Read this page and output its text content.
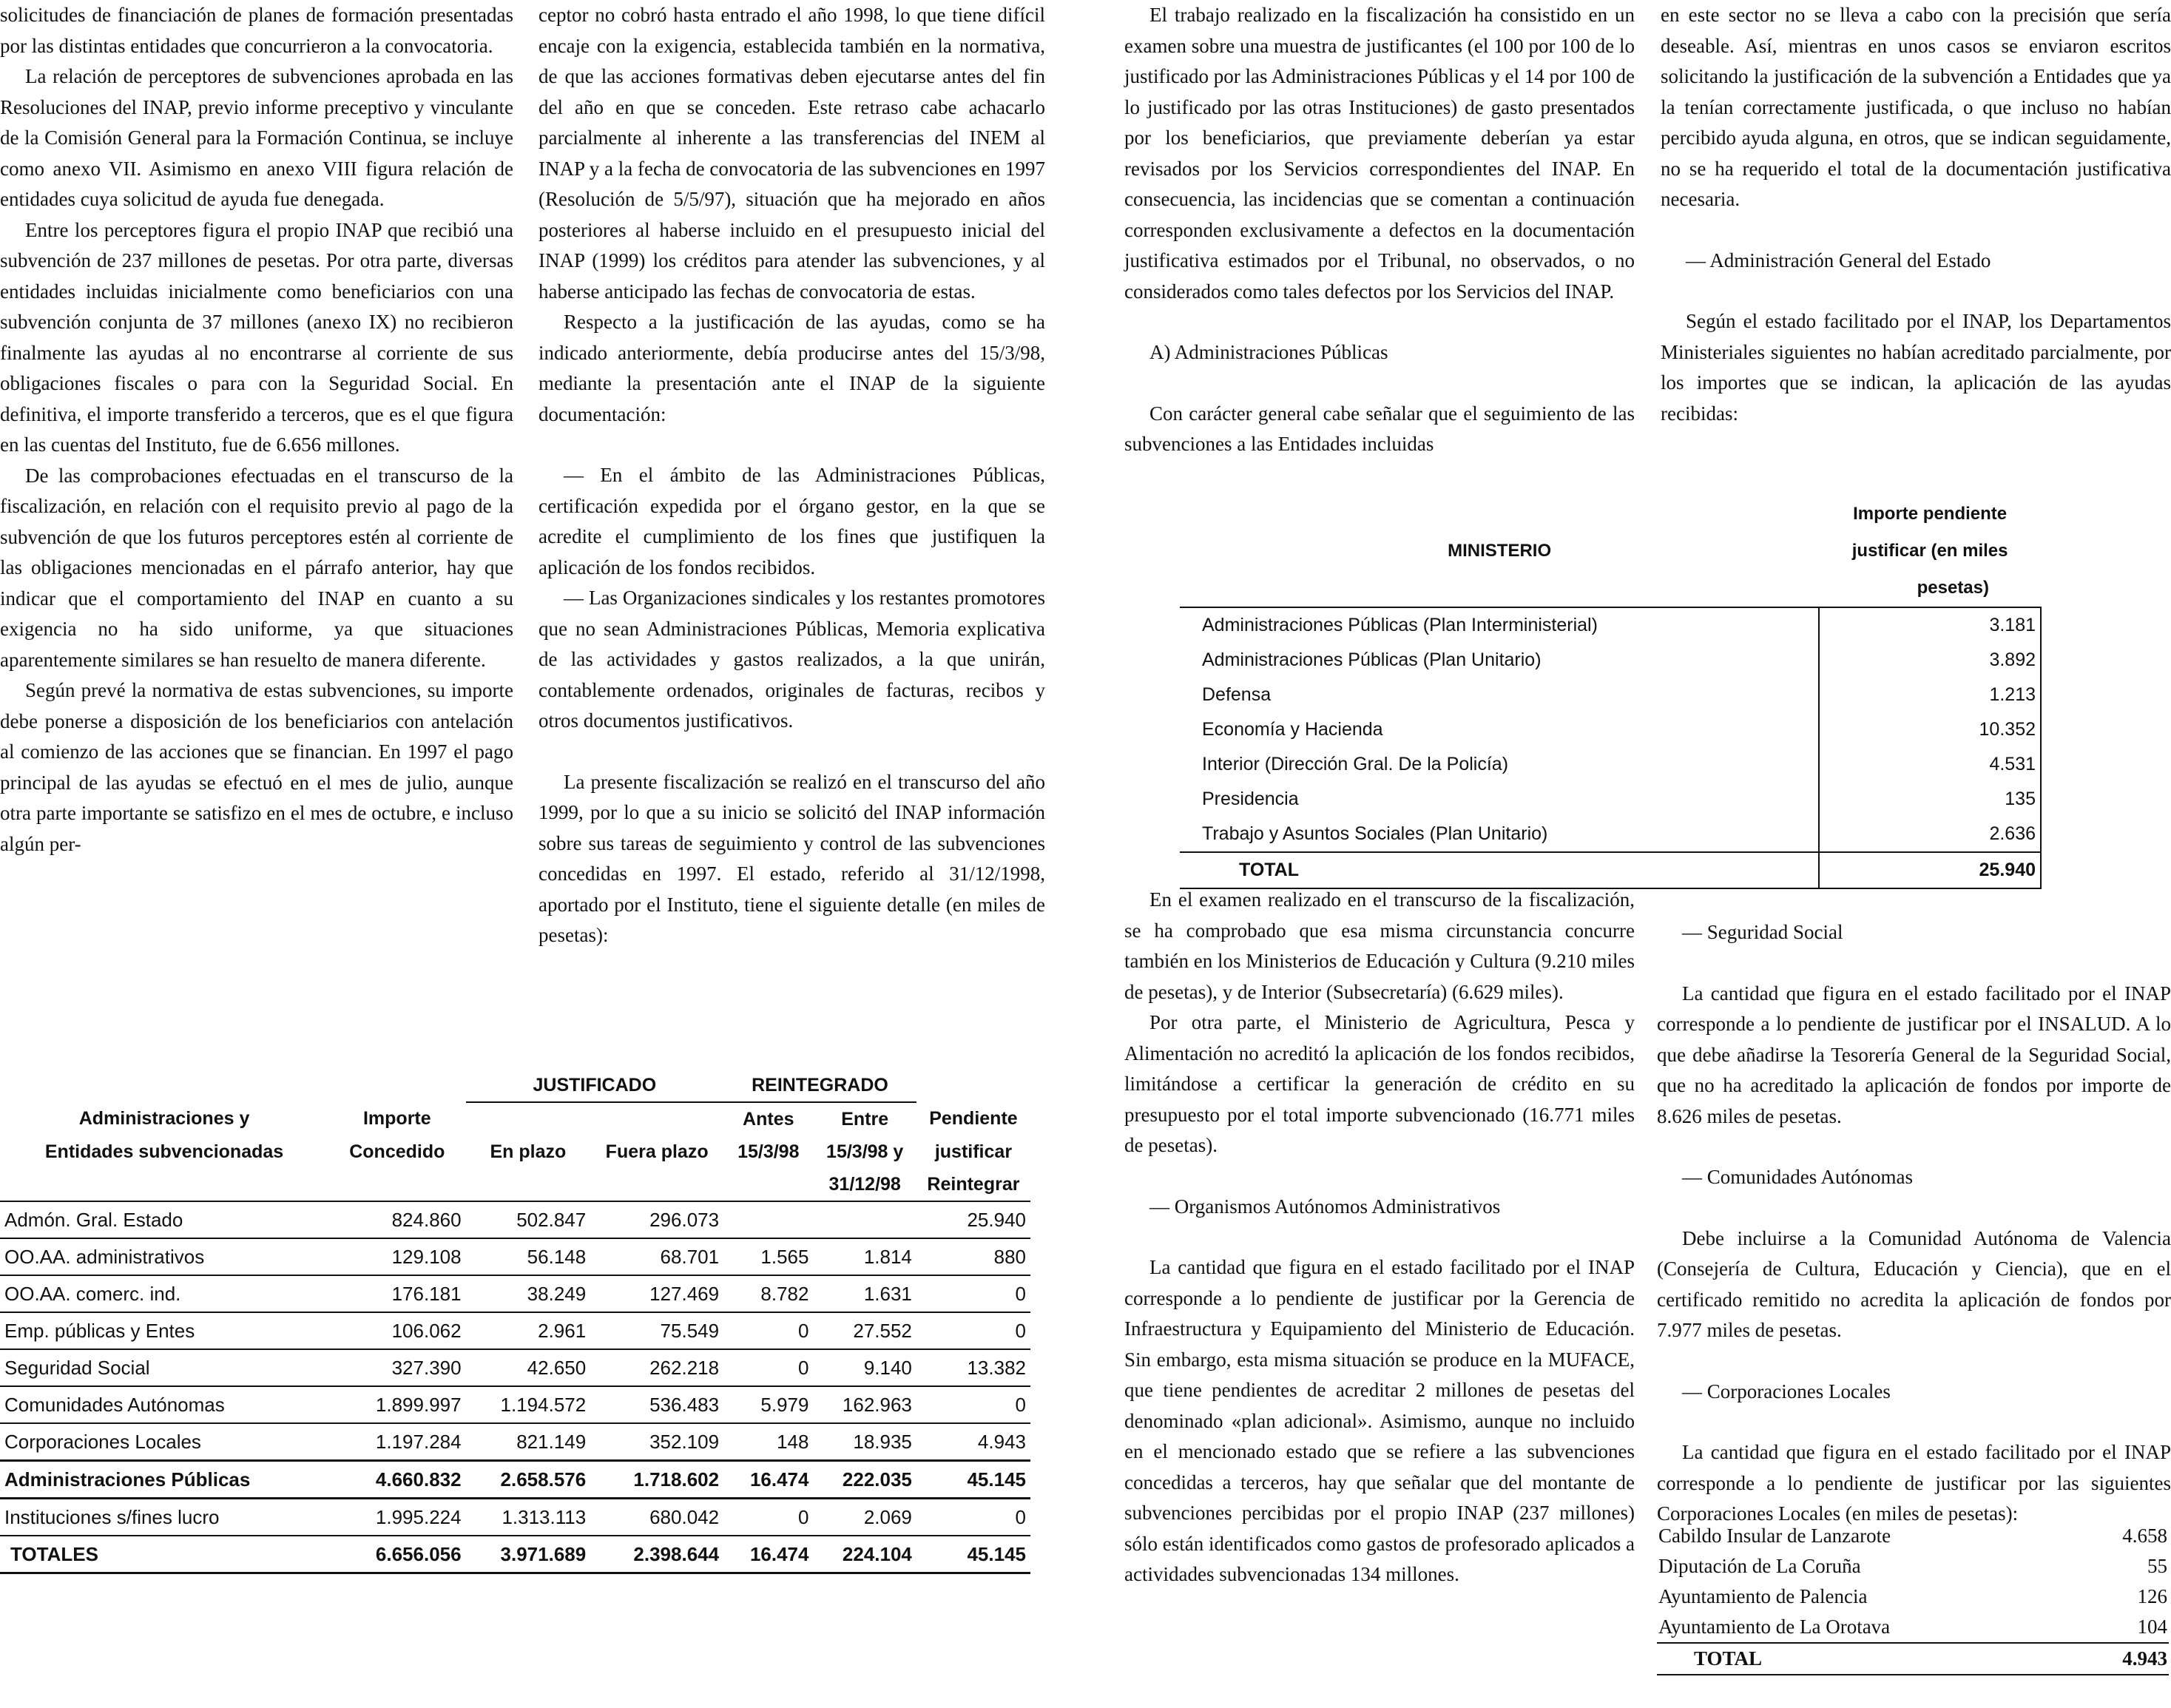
solicitudes de financiación de planes de formación presentadas por las distintas entidades que concurrieron a la convocatoria.

La relación de perceptores de subvenciones aprobada en las Resoluciones del INAP, previo informe preceptivo y vinculante de la Comisión General para la Formación Continua, se incluye como anexo VII. Asimismo en anexo VIII figura relación de entidades cuya solicitud de ayuda fue denegada.

Entre los perceptores figura el propio INAP que recibió una subvención de 237 millones de pesetas. Por otra parte, diversas entidades incluidas inicialmente como beneficiarios con una subvención conjunta de 37 millones (anexo IX) no recibieron finalmente las ayudas al no encontrarse al corriente de sus obligaciones fiscales o para con la Seguridad Social. En definitiva, el importe transferido a terceros, que es el que figura en las cuentas del Instituto, fue de 6.656 millones.

De las comprobaciones efectuadas en el transcurso de la fiscalización, en relación con el requisito previo al pago de la subvención de que los futuros perceptores estén al corriente de las obligaciones mencionadas en el párrafo anterior, hay que indicar que el comportamiento del INAP en cuanto a su exigencia no ha sido uniforme, ya que situaciones aparentemente similares se han resuelto de manera diferente.

Según prevé la normativa de estas subvenciones, su importe debe ponerse a disposición de los beneficiarios con antelación al comienzo de las acciones que se financian. En 1997 el pago principal de las ayudas se efectuó en el mes de julio, aunque otra parte importante se satisfizo en el mes de octubre, e incluso algún per-

ceptor no cobró hasta entrado el año 1998, lo que tiene difícil encaje con la exigencia, establecida también en la normativa, de que las acciones formativas deben ejecutarse antes del fin del año en que se conceden. Este retraso cabe achacarlo parcialmente al inherente a las transferencias del INEM al INAP y a la fecha de convocatoria de las subvenciones en 1997 (Resolución de 5/5/97), situación que ha mejorado en años posteriores al haberse incluido en el presupuesto inicial del INAP (1999) los créditos para atender las subvenciones, y al haberse anticipado las fechas de convocatoria de estas.

Respecto a la justificación de las ayudas, como se ha indicado anteriormente, debía producirse antes del 15/3/98, mediante la presentación ante el INAP de la siguiente documentación:

— En el ámbito de las Administraciones Públicas, certificación expedida por el órgano gestor, en la que se acredite el cumplimiento de los fines que justifiquen la aplicación de los fondos recibidos.

— Las Organizaciones sindicales y los restantes promotores que no sean Administraciones Públicas, Memoria explicativa de las actividades y gastos realizados, a la que unirán, contablemente ordenados, originales de facturas, recibos y otros documentos justificativos.

La presente fiscalización se realizó en el transcurso del año 1999, por lo que a su inicio se solicitó del INAP información sobre sus tareas de seguimiento y control de las subvenciones concedidas en 1997. El estado, referido al 31/12/1998, aportado por el Instituto, tiene el siguiente detalle (en miles de pesetas):

		JUSTIFICADO		REINTEGRADO		
Administraciones y	Importe			Antes	Entre	Pendiente
Entidades subvencionadas	Concedido	En plazo	Fuera plazo	15/3/98	15/3/98 y	justificar
					31/12/98	Reintegrar
Admón. Gral. Estado	824.860	502.847	296.073			25.940
OO.AA. administrativos	129.108	56.148	68.701	1.565	1.814	880
OO.AA. comerc. ind.	176.181	38.249	127.469	8.782	1.631	0
Emp. públicas y Entes	106.062	2.961	75.549	0	27.552	0
Seguridad Social	327.390	42.650	262.218	0	9.140	13.382
Comunidades Autónomas	1.899.997	1.194.572	536.483	5.979	162.963	0
Corporaciones Locales	1.197.284	821.149	352.109	148	18.935	4.943
Administraciones Públicas	4.660.832	2.658.576	1.718.602	16.474	222.035	45.145
Instituciones s/fines lucro	1.995.224	1.313.113	680.042	0	2.069	0
TOTALES	6.656.056	3.971.689	2.398.644	16.474	224.104	45.145

El trabajo realizado en la fiscalización ha consistido en un examen sobre una muestra de justificantes (el 100 por 100 de lo justificado por las Administraciones Públicas y el 14 por 100 de lo justificado por las otras Instituciones) de gasto presentados por los beneficiarios, que previamente deberían ya estar revisados por los Servicios correspondientes del INAP. En consecuencia, las incidencias que se comentan a continuación corresponden exclusivamente a defectos en la documentación justificativa estimados por el Tribunal, no observados, o no considerados como tales defectos por los Servicios del INAP.

A) Administraciones Públicas

Con carácter general cabe señalar que el seguimiento de las subvenciones a las Entidades incluidas

en este sector no se lleva a cabo con la precisión que sería deseable. Así, mientras en unos casos se enviaron escritos solicitando la justificación de la subvención a Entidades que ya la tenían correctamente justificada, o que incluso no habían percibido ayuda alguna, en otros, que se indican seguidamente, no se ha requerido el total de la documentación justificativa necesaria.

— Administración General del Estado

Según el estado facilitado por el INAP, los Departamentos Ministeriales siguientes no habían acreditado parcialmente, por los importes que se indican, la aplicación de las ayudas recibidas:

	Importe pendiente
MINISTERIO	justificar (en miles
	pesetas)
Administraciones Públicas (Plan Interministerial)	3.181
Administraciones Públicas (Plan Unitario)	3.892
Defensa	1.213
Economía y Hacienda	10.352
Interior (Dirección Gral. De la Policía)	4.531
Presidencia	135
Trabajo y Asuntos Sociales (Plan Unitario)	2.636
TOTAL	25.940

En el examen realizado en el transcurso de la fiscalización, se ha comprobado que esa misma circunstancia concurre también en los Ministerios de Educación y Cultura (9.210 miles de pesetas), y de Interior (Subsecretaría) (6.629 miles).

Por otra parte, el Ministerio de Agricultura, Pesca y Alimentación no acreditó la aplicación de los fondos recibidos, limitándose a certificar la generación de crédito en su presupuesto por el total importe subvencionado (16.771 miles de pesetas).

— Organismos Autónomos Administrativos

La cantidad que figura en el estado facilitado por el INAP corresponde a lo pendiente de justificar por la Gerencia de Infraestructura y Equipamiento del Ministerio de Educación. Sin embargo, esta misma situación se produce en la MUFACE, que tiene pendientes de acreditar 2 millones de pesetas del denominado «plan adicional». Asimismo, aunque no incluido en el mencionado estado que se refiere a las subvenciones concedidas a terceros, hay que señalar que del montante de subvenciones percibidas por el propio INAP (237 millones) sólo están identificados como gastos de profesorado aplicados a actividades subvencionadas 134 millones.

— Seguridad Social

La cantidad que figura en el estado facilitado por el INAP corresponde a lo pendiente de justificar por el INSALUD. A lo que debe añadirse la Tesorería General de la Seguridad Social, que no ha acreditado la aplicación de fondos por importe de 8.626 miles de pesetas.

— Comunidades Autónomas

Debe incluirse a la Comunidad Autónoma de Valencia (Consejería de Cultura, Educación y Ciencia), que en el certificado remitido no acredita la aplicación de fondos por 7.977 miles de pesetas.

— Corporaciones Locales

La cantidad que figura en el estado facilitado por el INAP corresponde a lo pendiente de justificar por las siguientes Corporaciones Locales (en miles de pesetas):

Cabildo Insular de Lanzarote	4.658
Diputación de La Coruña	55
Ayuntamiento de Palencia	126
Ayuntamiento de La Orotava	104
TOTAL	4.943
